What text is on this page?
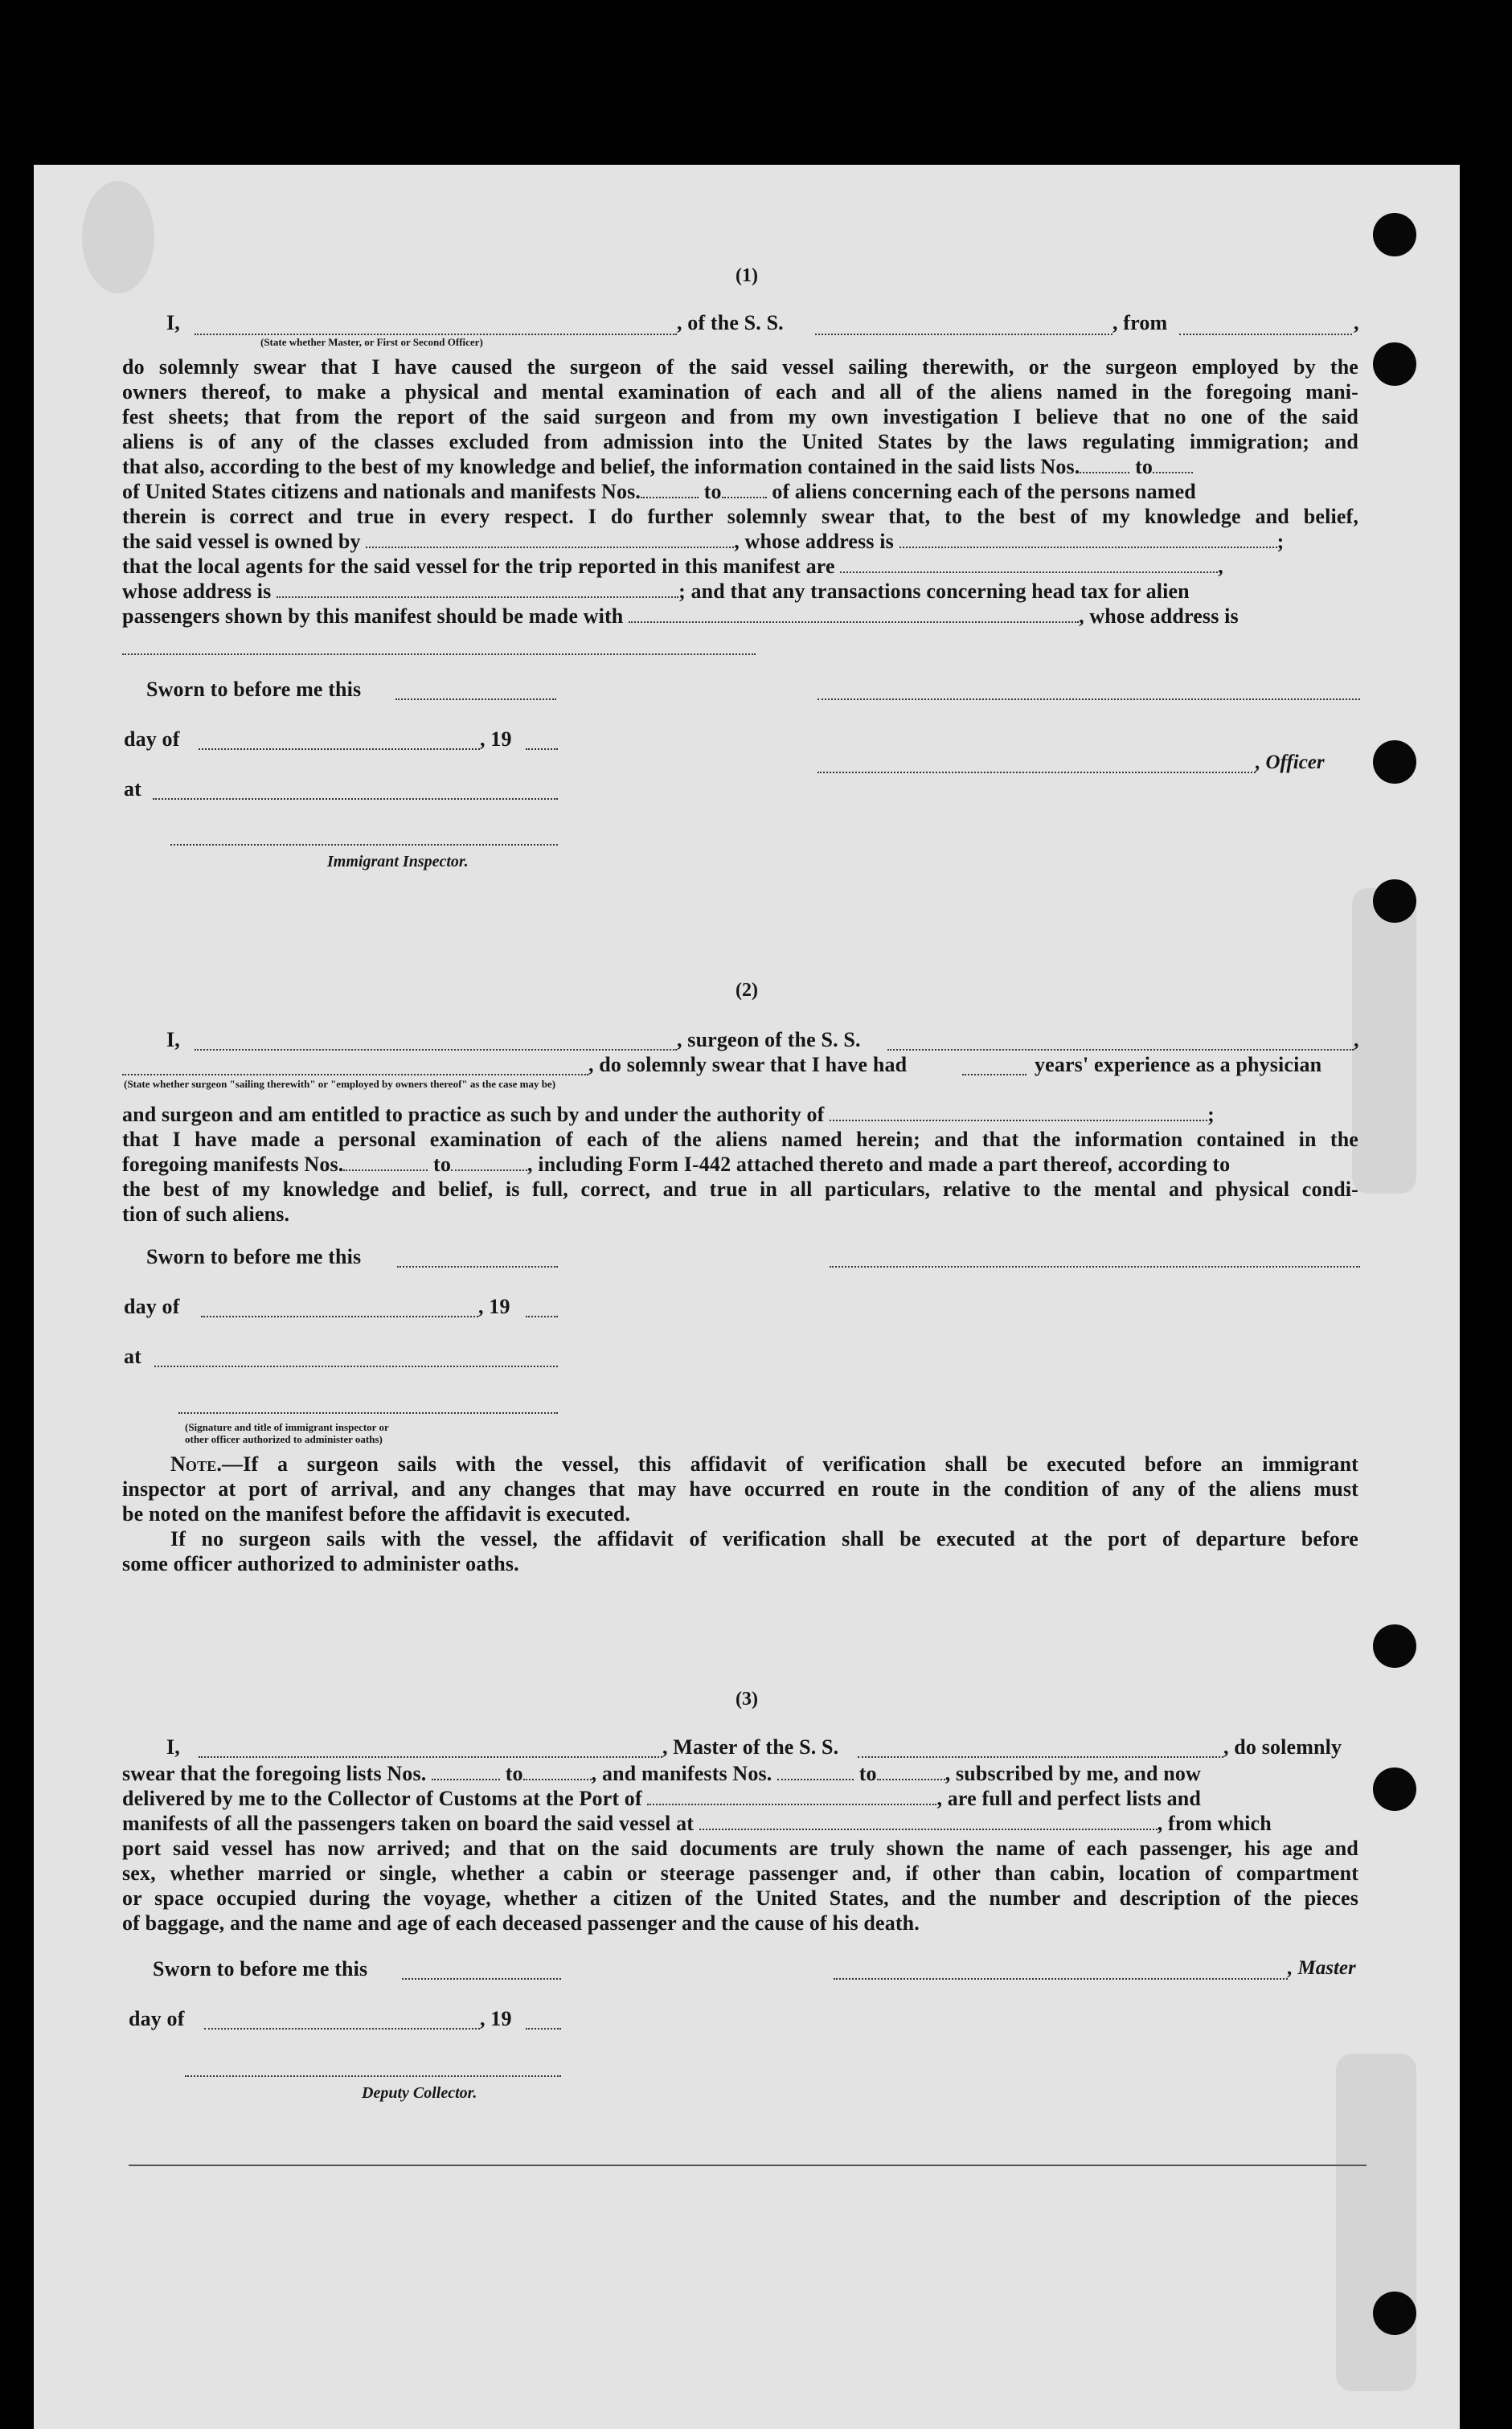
(1)
I,	, of the S. S.	, from	,
(State whether Master, or First or Second Officer)
do solemnly swear that I have caused the surgeon of the said vessel sailing therewith, or the surgeon employed by the
owners thereof, to make a physical and mental examination of each and all of the aliens named in the foregoing mani-
fest sheets; that from the report of the said surgeon and from my own investigation I believe that no one of the said
aliens is of any of the classes excluded from admission into the United States by the laws regulating immigration; and
that also, according to the best of my knowledge and belief, the information contained in the said lists Nos.	to
of United States citizens and nationals and manifests Nos.	to of aliens concerning each of the persons named
therein is correct and true in every respect. I do further solemnly swear that, to the best of my knowledge and belief,
the said vessel is owned by	, whose address is	;
that the local agents for the said vessel for the trip reported in this manifest are	,
whose address is	; and that any transactions concerning head tax for alien
passengers shown by this manifest should be made with	, whose address is
Sworn to before me this
day of	, 19
, Officer
at
Immigrant Inspector.
(2)
I,	, surgeon of the S. S.	,
, do solemnly swear that I have had	years' experience as a physician
(State whether surgeon "sailing therewith" or "employed by owners thereof" as the case may be)
and surgeon and am entitled to practice as such by and under the authority of	;
that I have made a personal examination of each of the aliens named herein; and that the information contained in the
foregoing manifests Nos.	to	, including Form I-442 attached thereto and made a part thereof, according to
the best of my knowledge and belief, is full, correct, and true in all particulars, relative to the mental and physical condi-
tion of such aliens.
Sworn to before me this
day of	, 19
at
(Signature and title of immigrant inspector or
other officer authorized to administer oaths)
Note.—If a surgeon sails with the vessel, this affidavit of verification shall be executed before an immigrant
inspector at port of arrival, and any changes that may have occurred en route in the condition of any of the aliens must
be noted on the manifest before the affidavit is executed.
If no surgeon sails with the vessel, the affidavit of verification shall be executed at the port of departure before
some officer authorized to administer oaths.
(3)
I,	, Master of the S. S.	, do solemnly
swear that the foregoing lists Nos.	to	, and manifests Nos.	to	, subscribed by me, and now
delivered by me to the Collector of Customs at the Port of	, are full and perfect lists and
manifests of all the passengers taken on board the said vessel at	, from which
port said vessel has now arrived; and that on the said documents are truly shown the name of each passenger, his age and
sex, whether married or single, whether a cabin or steerage passenger and, if other than cabin, location of compartment
or space occupied during the voyage, whether a citizen of the United States, and the number and description of the pieces
of baggage, and the name and age of each deceased passenger and the cause of his death.
Sworn to before me this	, Master
day of	, 19
Deputy Collector.
